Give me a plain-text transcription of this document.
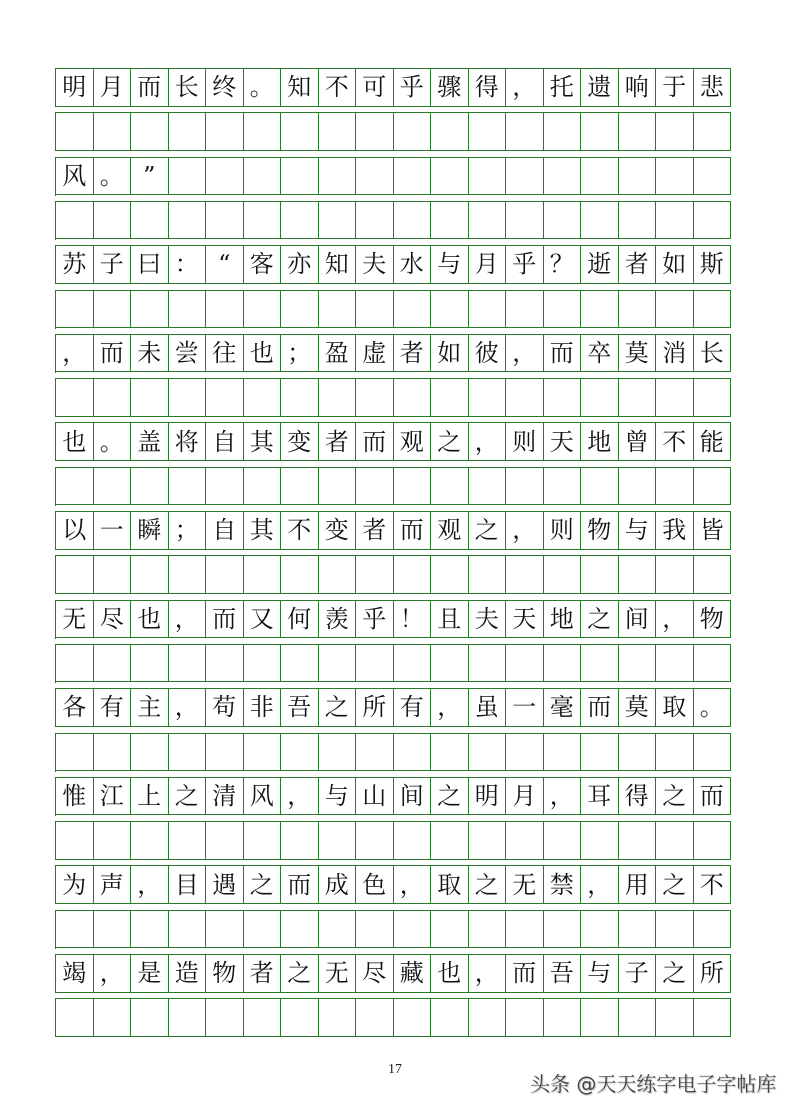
明 月 而 长 终 。 知 不 可 乎 骤 得 ， 托 遗 响 于 悲
风 。 ”
苏 子 曰 ： “ 客 亦 知 夫 水 与 月 乎 ？ 逝 者 如 斯
， 而 未 尝 往 也 ； 盈 虚 者 如 彼 ， 而 卒 莫 消 长
也 。 盖 将 自 其 变 者 而 观 之 ， 则 天 地 曾 不 能
以 一 瞬 ； 自 其 不 变 者 而 观 之 ， 则 物 与 我 皆
无 尽 也 ， 而 又 何 羡 乎 ！ 且 夫 天 地 之 间 ， 物
各 有 主 ， 苟 非 吾 之 所 有 ， 虽 一 毫 而 莫 取 。
惟 江 上 之 清 风 ， 与 山 间 之 明 月 ， 耳 得 之 而
为 声 ， 目 遇 之 而 成 色 ， 取 之 无 禁 ， 用 之 不
竭 ， 是 造 物 者 之 无 尽 藏 也 ， 而 吾 与 子 之 所
17
头条 @天天练字电子字帖库
